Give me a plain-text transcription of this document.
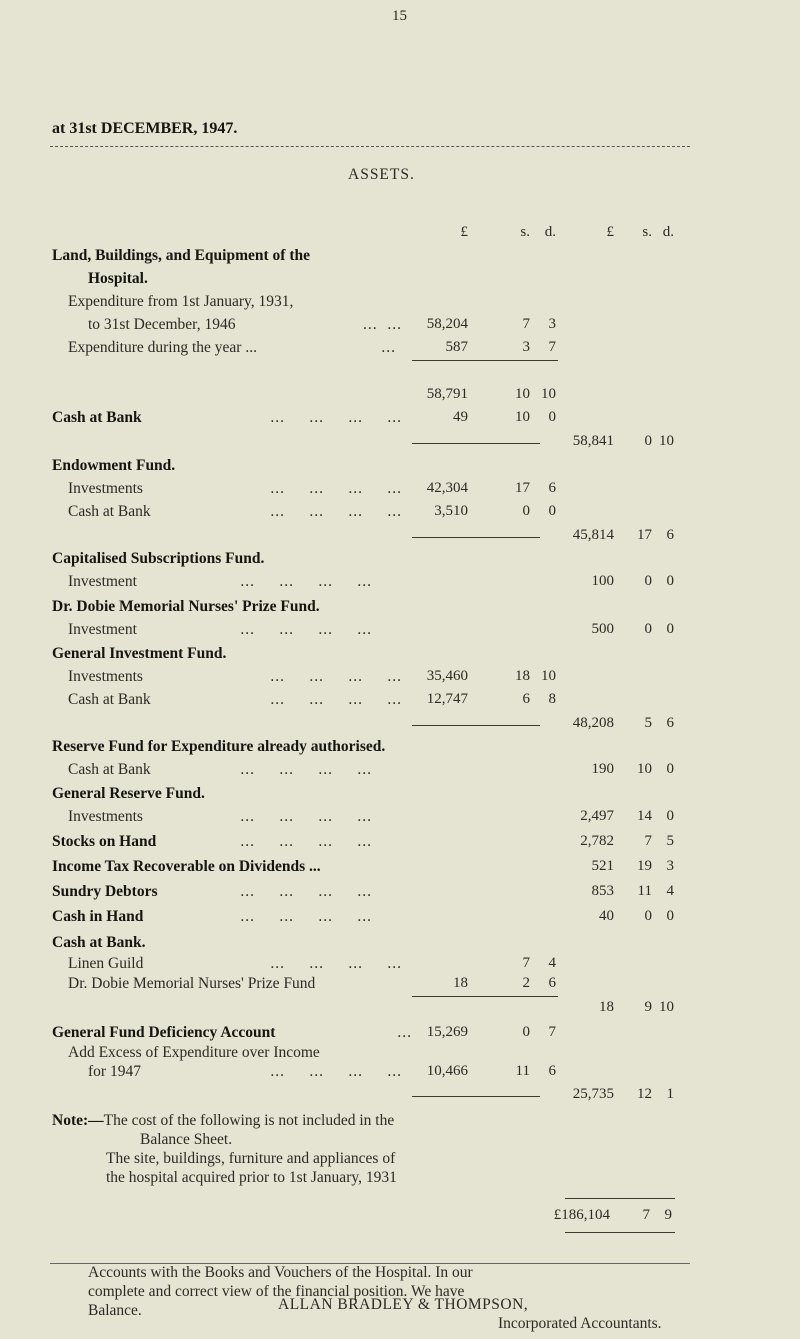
15
at 31st DECEMBER, 1947.
ASSETS.
£	s. d.	£	s. d.
Land, Buildings, and Equipment of the
Hospital.
Expenditure from 1st January, 1931,
to 31st December, 1946	...  ...	58,204	7	3
Expenditure during the year ...	...	587	3	7
58,791	10 10
Cash at Bank	...     ...     ...     ...	49	10	0
58,841	0 10
Endowment Fund.
Investments	...     ...     ...     ...	42,304	17	6
Cash at Bank	...     ...     ...     ...	3,510	0	0
45,814	17 6
Capitalised Subscriptions Fund.
Investment	...     ...     ...     ...	100	0 0
Dr. Dobie Memorial Nurses' Prize Fund.
Investment	...     ...     ...     ...	500	0 0
General Investment Fund.
Investments	...     ...     ...     ...	35,460	18 10
Cash at Bank	...     ...     ...     ...	12,747	6	8
48,208	5 6
Reserve Fund for Expenditure already authorised.
Cash at Bank	...     ...     ...     ...	190	10 0
General Reserve Fund.
Investments	...     ...     ...     ...	2,497	14 0
Stocks on Hand	...     ...     ...     ...	2,782	7 5
Income Tax Recoverable on Dividends ...	521	19 3
Sundry Debtors	...     ...     ...     ...	853	11 4
Cash in Hand	...     ...     ...     ...	40	0 0
Cash at Bank.
Linen Guild	...     ...     ...     ...	7	4
Dr. Dobie Memorial Nurses' Prize Fund	18	2	6
18	9 10
General Fund Deficiency Account	... 15,269	0	7
Add Excess of Expenditure over Income
for 1947	...     ...     ...     ...	10,466	11	6
25,735	12 1
Note:—The cost of the following is not included in the
Balance Sheet.
The site, buildings, furniture and appliances of
the hospital acquired prior to 1st January, 1931
£186,104	7 9
Accounts with the Books and Vouchers of the Hospital. In our
complete and correct view of the financial position. We have
Balance.	ALLAN BRADLEY & THOMPSON,
Incorporated Accountants.
